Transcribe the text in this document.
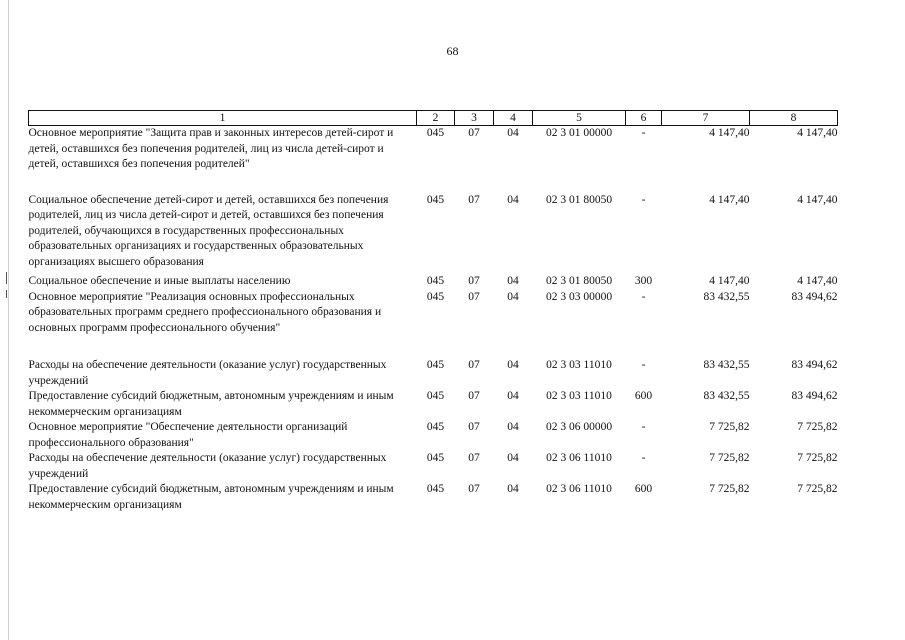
68
1	2	3	4	5	6	7	8
Основное мероприятие "Защита прав и законных интересов детей-сирот и детей, оставшихся без попечения родителей, лиц из числа детей-сирот и детей, оставшихся без попечения родителей"	045	07	04	02 3 01 00000	-	4 147,40	4 147,40
Социальное обеспечение детей-сирот и детей, оставшихся без попечения родителей, лиц из числа детей-сирот и детей, оставшихся без попечения родителей, обучающихся в государственных профессиональных образовательных организациях и государственных образовательных организациях высшего образования	045	07	04	02 3 01 80050	-	4 147,40	4 147,40
Социальное обеспечение и иные выплаты населению	045	07	04	02 3 01 80050	300	4 147,40	4 147,40
Основное мероприятие "Реализация основных профессиональных образовательных программ среднего профессионального образования и основных программ профессионального обучения"	045	07	04	02 3 03 00000	-	83 432,55	83 494,62
Расходы на обеспечение деятельности (оказание услуг) государственных учреждений	045	07	04	02 3 03 11010	-	83 432,55	83 494,62
Предоставление субсидий бюджетным, автономным учреждениям и иным некоммерческим организациям	045	07	04	02 3 03 11010	600	83 432,55	83 494,62
Основное мероприятие "Обеспечение деятельности организаций профессионального образования"	045	07	04	02 3 06 00000	-	7 725,82	7 725,82
Расходы на обеспечение деятельности (оказание услуг) государственных учреждений	045	07	04	02 3 06 11010	-	7 725,82	7 725,82
Предоставление субсидий бюджетным, автономным учреждениям и иным некоммерческим организациям	045	07	04	02 3 06 11010	600	7 725,82	7 725,82
